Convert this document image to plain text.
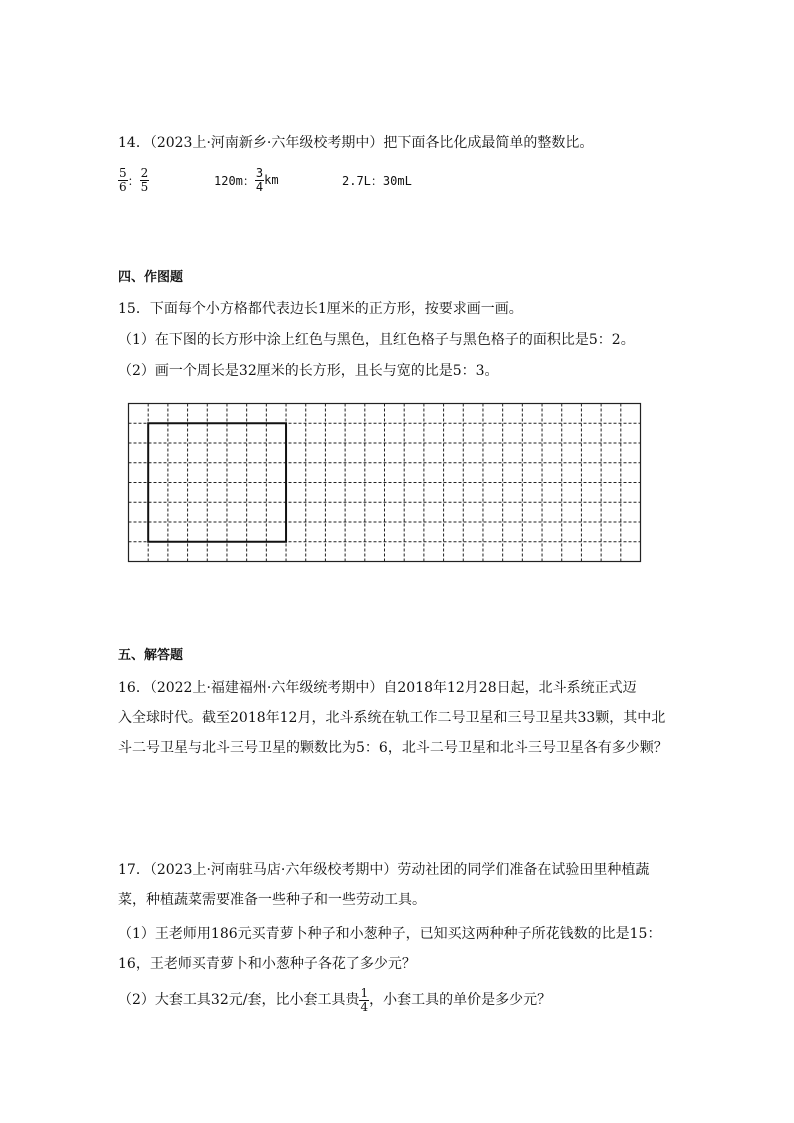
14．（2023上·河南新乡·六年级校考期中）把下面各比化成最简单的整数比。
$\frac{5}{6}$ ： $\frac{2}{5}$	120m： $\frac{3}{4}$ km	2.7L：30mL
四、作图题
15．下面每个小方格都代表边长1厘米的正方形，按要求画一画。
（1）在下图的长方形中涂上红色与黑色，且红色格子与黑色格子的面积比是5：2。
（2）画一个周长是32厘米的长方形，且长与宽的比是5：3。
五、解答题
16．（2022上·福建福州·六年级统考期中）自2018年12月28日起，北斗系统正式迈
入全球时代。截至2018年12月，北斗系统在轨工作二号卫星和三号卫星共33颗，其中北
斗二号卫星与北斗三号卫星的颗数比为5：6，北斗二号卫星和北斗三号卫星各有多少颗？
17．（2023上·河南驻马店·六年级校考期中）劳动社团的同学们准备在试验田里种植蔬
菜，种植蔬菜需要准备一些种子和一些劳动工具。
（1）王老师用186元买青萝卜种子和小葱种子，已知买这两种种子所花钱数的比是15：
16，王老师买青萝卜和小葱种子各花了多少元？
（2）大套工具32元/套，比小套工具贵 $\frac{1}{4}$ ，小套工具的单价是多少元？
